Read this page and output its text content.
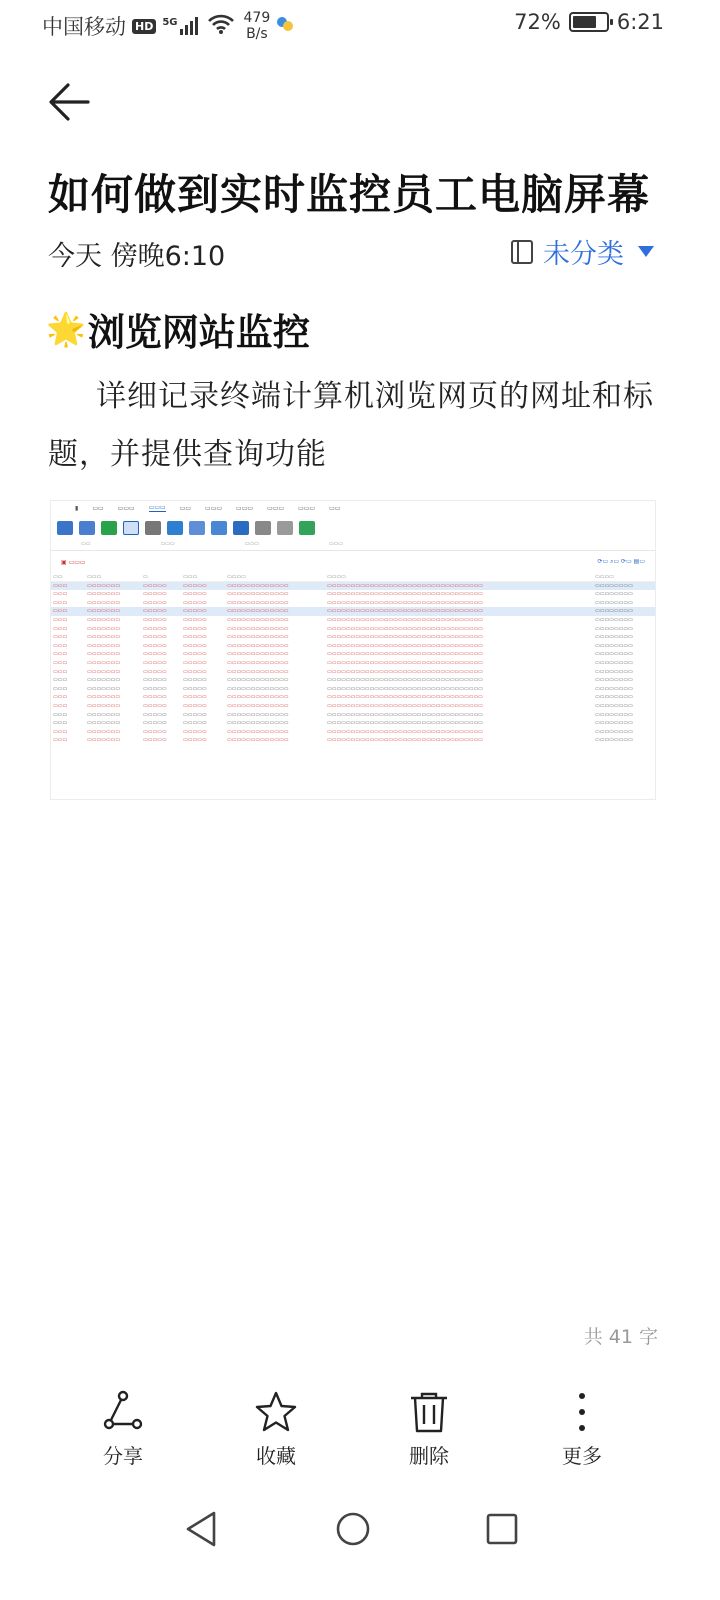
中国移动 HD 5G	479
B/s	72%	6:21
如何做到实时监控员工电脑屏幕
今天 傍晚6:10	未分类
🌟 浏览网站监控
详细记录终端计算机浏览网页的网址和标题，并提供查询功能
▮ ▭▭ ▭▭▭ ▭▭▭ ▭▭ ▭▭▭ ▭▭▭ ▭▭▭ ▭▭▭ ▭▭
▭▭	▭▭▭	▭▭▭	▭▭▭
▣ ▭▭▭	⟳▭ ⌕▭ ⟳▭ ▤▭
▭▭	▭▭▭	▭	▭▭▭	▭▭▭▭	▭▭▭▭	▭▭▭▭
▭▭▭	▭▭▭▭▭▭▭	▭▭▭▭▭	▭▭▭▭▭	▭▭▭▭▭▭▭▭▭▭▭▭▭	▭▭▭▭▭▭▭▭▭▭▭▭▭▭▭▭▭▭▭▭▭▭▭▭▭▭▭▭▭▭▭▭▭	▭▭▭▭▭▭▭▭
▭▭▭	▭▭▭▭▭▭▭	▭▭▭▭▭	▭▭▭▭▭	▭▭▭▭▭▭▭▭▭▭▭▭▭	▭▭▭▭▭▭▭▭▭▭▭▭▭▭▭▭▭▭▭▭▭▭▭▭▭▭▭▭▭▭▭▭▭	▭▭▭▭▭▭▭▭
▭▭▭	▭▭▭▭▭▭▭	▭▭▭▭▭	▭▭▭▭▭	▭▭▭▭▭▭▭▭▭▭▭▭▭	▭▭▭▭▭▭▭▭▭▭▭▭▭▭▭▭▭▭▭▭▭▭▭▭▭▭▭▭▭▭▭▭▭	▭▭▭▭▭▭▭▭
▭▭▭	▭▭▭▭▭▭▭	▭▭▭▭▭	▭▭▭▭▭	▭▭▭▭▭▭▭▭▭▭▭▭▭	▭▭▭▭▭▭▭▭▭▭▭▭▭▭▭▭▭▭▭▭▭▭▭▭▭▭▭▭▭▭▭▭▭	▭▭▭▭▭▭▭▭
▭▭▭	▭▭▭▭▭▭▭	▭▭▭▭▭	▭▭▭▭▭	▭▭▭▭▭▭▭▭▭▭▭▭▭	▭▭▭▭▭▭▭▭▭▭▭▭▭▭▭▭▭▭▭▭▭▭▭▭▭▭▭▭▭▭▭▭▭	▭▭▭▭▭▭▭▭
▭▭▭	▭▭▭▭▭▭▭	▭▭▭▭▭	▭▭▭▭▭	▭▭▭▭▭▭▭▭▭▭▭▭▭	▭▭▭▭▭▭▭▭▭▭▭▭▭▭▭▭▭▭▭▭▭▭▭▭▭▭▭▭▭▭▭▭▭	▭▭▭▭▭▭▭▭
▭▭▭	▭▭▭▭▭▭▭	▭▭▭▭▭	▭▭▭▭▭	▭▭▭▭▭▭▭▭▭▭▭▭▭	▭▭▭▭▭▭▭▭▭▭▭▭▭▭▭▭▭▭▭▭▭▭▭▭▭▭▭▭▭▭▭▭▭	▭▭▭▭▭▭▭▭
▭▭▭	▭▭▭▭▭▭▭	▭▭▭▭▭	▭▭▭▭▭	▭▭▭▭▭▭▭▭▭▭▭▭▭	▭▭▭▭▭▭▭▭▭▭▭▭▭▭▭▭▭▭▭▭▭▭▭▭▭▭▭▭▭▭▭▭▭	▭▭▭▭▭▭▭▭
▭▭▭	▭▭▭▭▭▭▭	▭▭▭▭▭	▭▭▭▭▭	▭▭▭▭▭▭▭▭▭▭▭▭▭	▭▭▭▭▭▭▭▭▭▭▭▭▭▭▭▭▭▭▭▭▭▭▭▭▭▭▭▭▭▭▭▭▭	▭▭▭▭▭▭▭▭
▭▭▭	▭▭▭▭▭▭▭	▭▭▭▭▭	▭▭▭▭▭	▭▭▭▭▭▭▭▭▭▭▭▭▭	▭▭▭▭▭▭▭▭▭▭▭▭▭▭▭▭▭▭▭▭▭▭▭▭▭▭▭▭▭▭▭▭▭	▭▭▭▭▭▭▭▭
▭▭▭	▭▭▭▭▭▭▭	▭▭▭▭▭	▭▭▭▭▭	▭▭▭▭▭▭▭▭▭▭▭▭▭	▭▭▭▭▭▭▭▭▭▭▭▭▭▭▭▭▭▭▭▭▭▭▭▭▭▭▭▭▭▭▭▭▭	▭▭▭▭▭▭▭▭
▭▭▭	▭▭▭▭▭▭▭	▭▭▭▭▭	▭▭▭▭▭	▭▭▭▭▭▭▭▭▭▭▭▭▭	▭▭▭▭▭▭▭▭▭▭▭▭▭▭▭▭▭▭▭▭▭▭▭▭▭▭▭▭▭▭▭▭▭	▭▭▭▭▭▭▭▭
▭▭▭	▭▭▭▭▭▭▭	▭▭▭▭▭	▭▭▭▭▭	▭▭▭▭▭▭▭▭▭▭▭▭▭	▭▭▭▭▭▭▭▭▭▭▭▭▭▭▭▭▭▭▭▭▭▭▭▭▭▭▭▭▭▭▭▭▭	▭▭▭▭▭▭▭▭
▭▭▭	▭▭▭▭▭▭▭	▭▭▭▭▭	▭▭▭▭▭	▭▭▭▭▭▭▭▭▭▭▭▭▭	▭▭▭▭▭▭▭▭▭▭▭▭▭▭▭▭▭▭▭▭▭▭▭▭▭▭▭▭▭▭▭▭▭	▭▭▭▭▭▭▭▭
▭▭▭	▭▭▭▭▭▭▭	▭▭▭▭▭	▭▭▭▭▭	▭▭▭▭▭▭▭▭▭▭▭▭▭	▭▭▭▭▭▭▭▭▭▭▭▭▭▭▭▭▭▭▭▭▭▭▭▭▭▭▭▭▭▭▭▭▭	▭▭▭▭▭▭▭▭
▭▭▭	▭▭▭▭▭▭▭	▭▭▭▭▭	▭▭▭▭▭	▭▭▭▭▭▭▭▭▭▭▭▭▭	▭▭▭▭▭▭▭▭▭▭▭▭▭▭▭▭▭▭▭▭▭▭▭▭▭▭▭▭▭▭▭▭▭	▭▭▭▭▭▭▭▭
▭▭▭	▭▭▭▭▭▭▭	▭▭▭▭▭	▭▭▭▭▭	▭▭▭▭▭▭▭▭▭▭▭▭▭	▭▭▭▭▭▭▭▭▭▭▭▭▭▭▭▭▭▭▭▭▭▭▭▭▭▭▭▭▭▭▭▭▭	▭▭▭▭▭▭▭▭
▭▭▭	▭▭▭▭▭▭▭	▭▭▭▭▭	▭▭▭▭▭	▭▭▭▭▭▭▭▭▭▭▭▭▭	▭▭▭▭▭▭▭▭▭▭▭▭▭▭▭▭▭▭▭▭▭▭▭▭▭▭▭▭▭▭▭▭▭	▭▭▭▭▭▭▭▭
▭▭▭	▭▭▭▭▭▭▭	▭▭▭▭▭	▭▭▭▭▭	▭▭▭▭▭▭▭▭▭▭▭▭▭	▭▭▭▭▭▭▭▭▭▭▭▭▭▭▭▭▭▭▭▭▭▭▭▭▭▭▭▭▭▭▭▭▭	▭▭▭▭▭▭▭▭
共 41 字
分享	收藏	删除	更多
